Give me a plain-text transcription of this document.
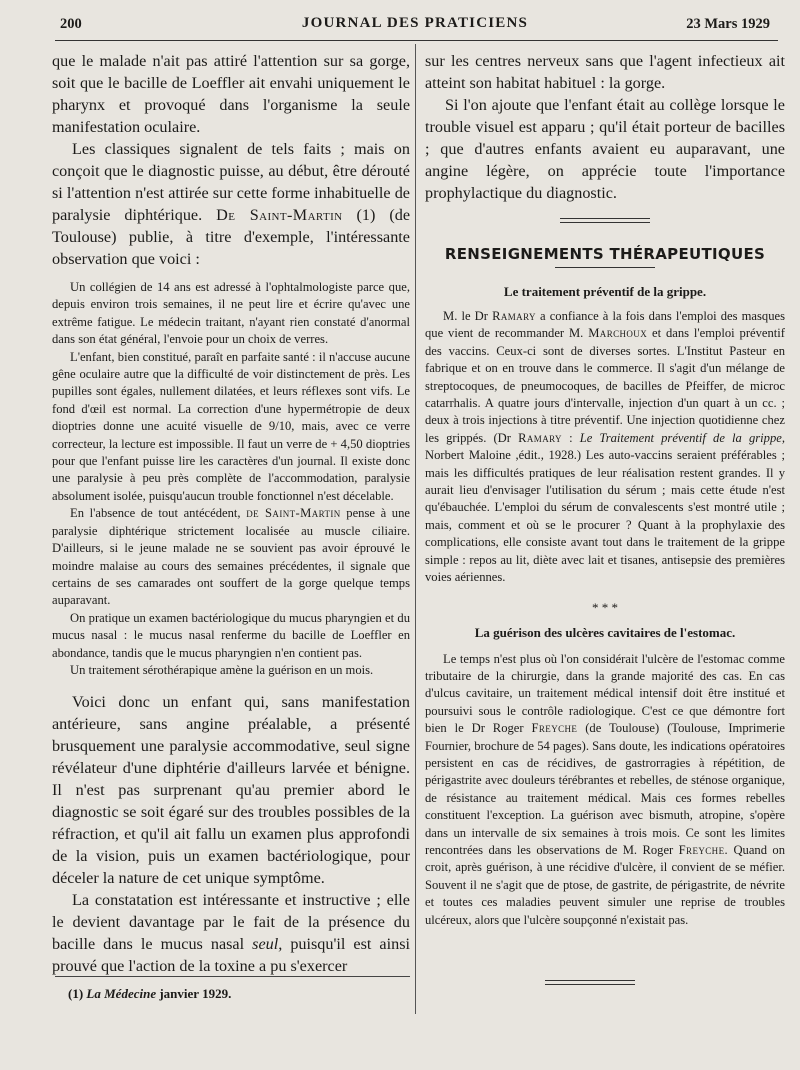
200	JOURNAL DES PRATICIENS	23 Mars 1929

que le malade n'ait pas attiré l'attention sur sa gorge, soit que le bacille de Loeffler ait envahi uniquement le pharynx et provoqué dans l'organisme la seule manifestation oculaire.

Les classiques signalent de tels faits ; mais on conçoit que le diagnostic puisse, au début, être dérouté si l'attention n'est attirée sur cette forme inhabituelle de paralysie diphtérique. De Saint-Martin (1) (de Toulouse) publie, à titre d'exemple, l'intéressante observation que voici :

Un collégien de 14 ans est adressé à l'ophtalmologiste parce que, depuis environ trois semaines, il ne peut lire et écrire qu'avec une extrême fatigue. Le médecin traitant, n'ayant rien constaté d'anormal dans son état général, l'envoie pour un choix de verres.

L'enfant, bien constitué, paraît en parfaite santé : il n'accuse aucune gêne oculaire autre que la difficulté de voir distinctement de près. Les pupilles sont égales, nullement dilatées, et leurs réflexes sont vifs. Le fond d'œil est normal. La correction d'une hypermétropie de deux dioptries donne une acuité visuelle de 9/10, mais, avec ce verre correcteur, la lecture est impossible. Il faut un verre de + 4,50 dioptries pour que l'enfant puisse lire les caractères d'un journal. Il existe donc une paralysie à peu près complète de l'accommodation, paralysie absolument isolée, puisqu'aucun trouble fonctionnel n'est décelable.

En l'absence de tout antécédent, de Saint-Martin pense à une paralysie diphtérique strictement localisée au muscle ciliaire. D'ailleurs, si le jeune malade ne se souvient pas avoir éprouvé le moindre malaise au cours des semaines précédentes, il signale que certains de ses camarades ont souffert de la gorge quelque temps auparavant.

On pratique un examen bactériologique du mucus pharyngien et du mucus nasal : le mucus nasal renferme du bacille de Loeffler en abondance, tandis que le mucus pharyngien n'en contient pas.

Un traitement sérothérapique amène la guérison en un mois.

Voici donc un enfant qui, sans manifestation antérieure, sans angine préalable, a présenté brusquement une paralysie accommodative, seul signe révélateur d'une diphtérie d'ailleurs larvée et bénigne. Il n'est pas surprenant qu'au premier abord le diagnostic se soit égaré sur des troubles possibles de la réfraction, et qu'il ait fallu un examen plus approfondi de la vision, puis un examen bactériologique, pour déceler la nature de cet unique symptôme.

La constatation est intéressante et instructive ; elle le devient davantage par le fait de la présence du bacille dans le mucus nasal seul, puisqu'il est ainsi prouvé que l'action de la toxine a pu s'exercer

(1) La Médecine janvier 1929.

sur les centres nerveux sans que l'agent infectieux ait atteint son habitat habituel : la gorge.

Si l'on ajoute que l'enfant était au collège lorsque le trouble visuel est apparu ; qu'il était porteur de bacilles ; que d'autres enfants avaient eu auparavant, une angine légère, on apprécie toute l'importance prophylactique du diagnostic.

RENSEIGNEMENTS THÉRAPEUTIQUES
Le traitement préventif de la grippe.

M. le Dr Ramary a confiance à la fois dans l'emploi des masques que vient de recommander M. Marchoux et dans l'emploi préventif des vaccins. Ceux-ci sont de diverses sortes. L'Institut Pasteur en fabrique et on en trouve dans le commerce. Il s'agit d'un mélange de streptocoques, de pneumocoques, de bacilles de Pfeiffer, de microc catarrhalis. A quatre jours d'intervalle, injection d'un quart à un cc. ; deux à trois injections à titre préventif. Une injection quotidienne chez les grippés. (Dr Ramary : Le Traitement préventif de la grippe, Norbert Maloine ,édit., 1928.) Les auto-vaccins seraient préférables ; mais les difficultés pratiques de leur réalisation restent grandes. Il y aurait lieu d'envisager l'utilisation du sérum ; mais cette étude n'est qu'ébauchée. L'emploi du sérum de convalescents s'est montré utile ; mais, comment et où se le procurer ? Quant à la prophylaxie des complications, elle consiste avant tout dans le traitement de la grippe simple : repos au lit, diète avec lait et tisanes, antisepsie des premières voies aériennes.

* * *
La guérison des ulcères cavitaires de l'estomac.

Le temps n'est plus où l'on considérait l'ulcère de l'estomac comme tributaire de la chirurgie, dans la grande majorité des cas. En cas d'ulcus cavitaire, un traitement médical intensif doit être institué et poursuivi sous le contrôle radiologique. C'est ce que démontre fort bien le Dr Roger Freyche (de Toulouse) (Toulouse, Imprimerie Fournier, brochure de 54 pages). Sans doute, les indications opératoires persistent en cas de récidives, de gastrorragies à répétition, de périgastrite avec douleurs térébrantes et rebelles, de sténose organique, de résistance au traitement médical. Mais ces formes rebelles constituent l'exception. La guérison avec bismuth, atropine, s'opère dans un intervalle de six semaines à trois mois. Ce sont les limites rencontrées dans les observations de M. Roger Freyche. Quand on croit, après guérison, à une récidive d'ulcère, il convient de se méfier. Souvent il ne s'agit que de ptose, de gastrite, de périgastrite, de névrite et toutes ces maladies peuvent simuler une reprise de troubles ulcéreux, alors que l'ulcère soupçonné n'existait pas.
